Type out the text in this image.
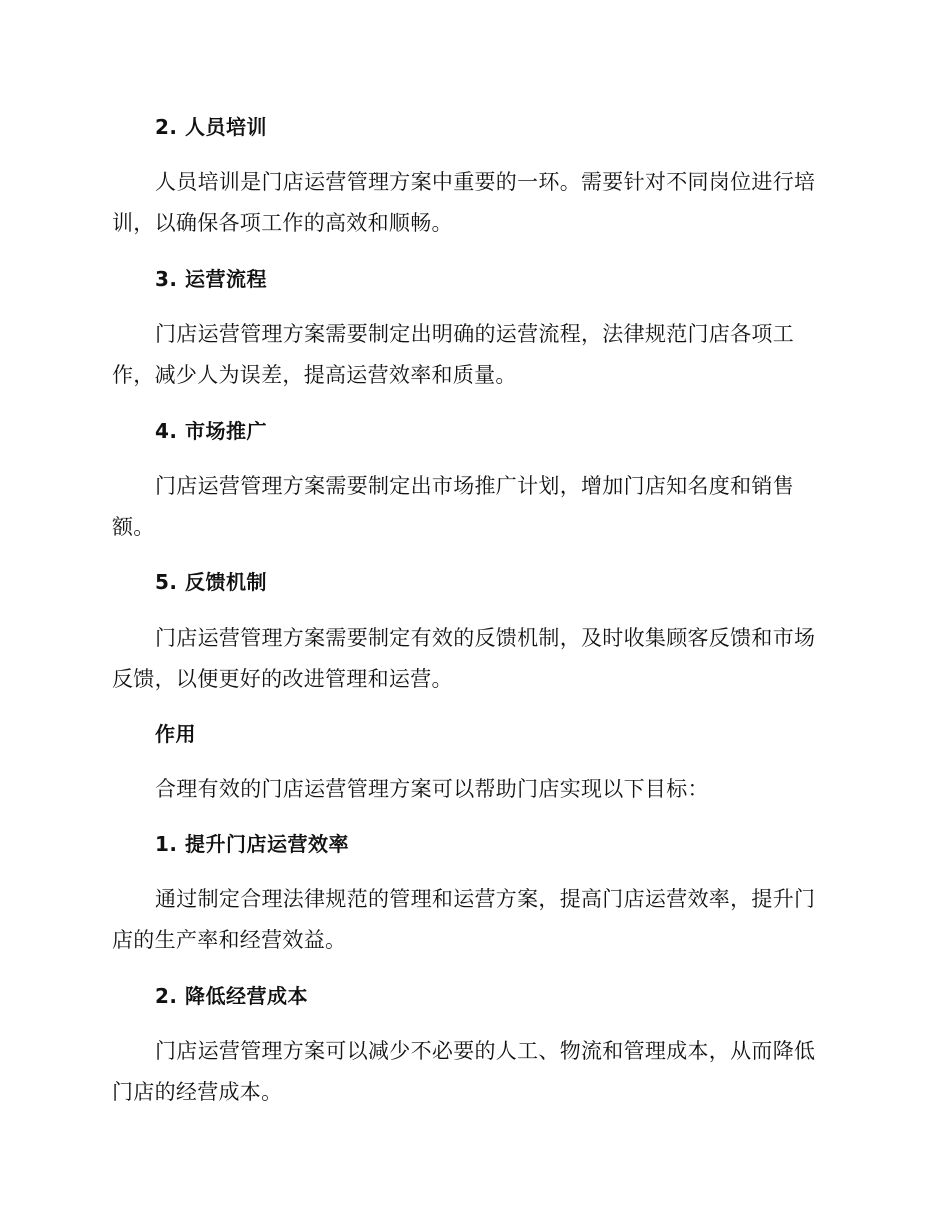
2. 人员培训
人员培训是门店运营管理方案中重要的一环。需要针对不同岗位进行培
训，以确保各项工作的高效和顺畅。
3. 运营流程
门店运营管理方案需要制定出明确的运营流程，法律规范门店各项工
作，减少人为误差，提高运营效率和质量。
4. 市场推广
门店运营管理方案需要制定出市场推广计划，增加门店知名度和销售
额。
5. 反馈机制
门店运营管理方案需要制定有效的反馈机制，及时收集顾客反馈和市场
反馈，以便更好的改进管理和运营。
作用
合理有效的门店运营管理方案可以帮助门店实现以下目标：
1. 提升门店运营效率
通过制定合理法律规范的管理和运营方案，提高门店运营效率，提升门
店的生产率和经营效益。
2. 降低经营成本
门店运营管理方案可以减少不必要的人工、物流和管理成本，从而降低
门店的经营成本。
